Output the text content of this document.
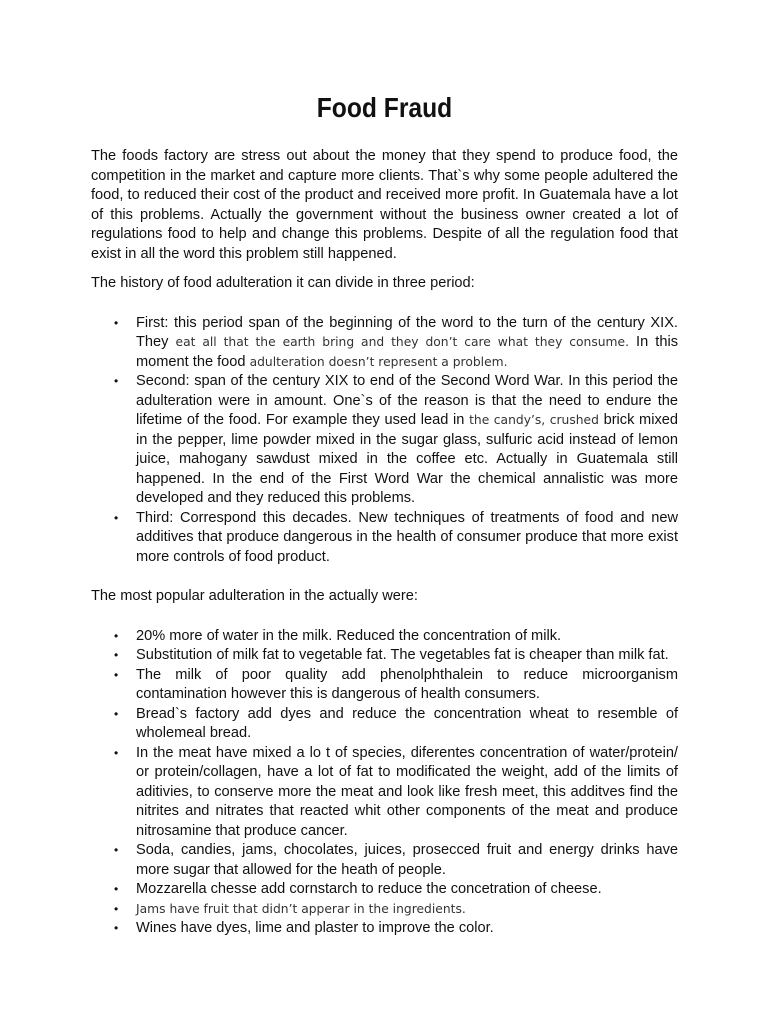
Food Fraud

The foods factory are stress out about the money that they spend to produce food, the competition in the market and capture more clients. That`s why some people adultered the food, to reduced their cost of the product and received more profit. In Guatemala have a lot of this problems. Actually the government without the business owner created a lot of regulations food to help and change this problems. Despite of all the regulation food that exist in all the word this problem still happened.

The history of food adulteration it can divide in three period:

• First: this period span of the beginning of the word to the turn of the century XIX. They eat all that the earth bring and they don’t care what they consume. In this moment the food adulteration doesn’t represent a problem.
• Second: span of the century XIX to end of the Second Word War. In this period the adulteration were in amount. One`s of the reason is that the need to endure the lifetime of the food. For example they used lead in the candy’s, crushed brick mixed in the pepper, lime powder mixed in the sugar glass, sulfuric acid instead of lemon juice, mahogany sawdust mixed in the coffee etc. Actually in Guatemala still happened. In the end of the First Word War the chemical annalistic was more developed and they reduced this problems.
• Third: Correspond this decades. New techniques of treatments of food and new additives that produce dangerous in the health of consumer produce that more exist more controls of food product.

The most popular adulteration in the actually were:

• 20% more of water in the milk. Reduced the concentration of milk.
• Substitution of milk fat to vegetable fat. The vegetables fat is cheaper than milk fat.
• The milk of poor quality add phenolphthalein to reduce microorganism contamination however this is dangerous of health consumers.
• Bread`s factory add dyes and reduce the concentration wheat to resemble of wholemeal bread.
• In the meat have mixed a lo t of species, diferentes concentration of water/protein/ or protein/collagen, have a lot of fat to modificated the weight, add of the limits of aditivies, to conserve more the meat and look like fresh meet, this additves find the nitrites and nitrates that reacted whit other components of the meat and produce nitrosamine that produce cancer.
• Soda, candies, jams, chocolates, juices, prosecced fruit and energy drinks have more sugar that allowed for the heath of people.
• Mozzarella chesse add cornstarch to reduce the concetration of cheese.
• Jams have fruit that didn’t apperar in the ingredients.
• Wines have dyes, lime and plaster to improve the color.
